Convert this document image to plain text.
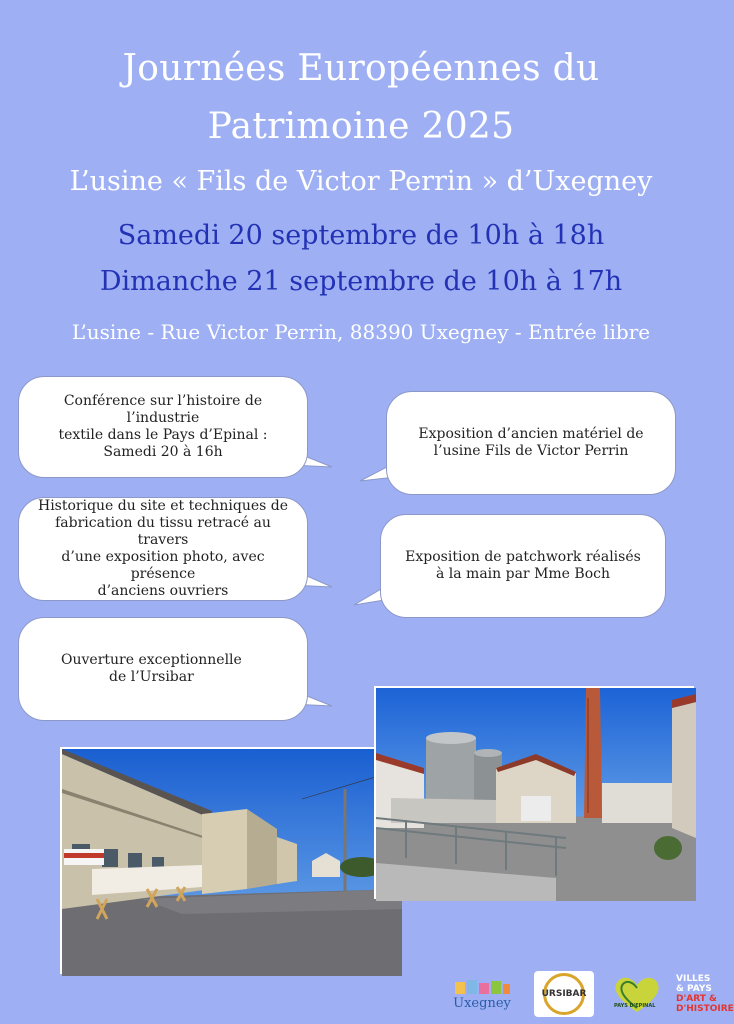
Journées Européennes du
Patrimoine 2025
L’usine « Fils de Victor Perrin » d’Uxegney
Samedi 20 septembre de 10h à 18h
Dimanche 21 septembre de 10h à 17h
L’usine - Rue Victor Perrin, 88390 Uxegney - Entrée libre
Conférence sur l’histoire de l’industrie
textile dans le Pays d’Epinal :
Samedi 20 à 16h
Exposition d’ancien matériel de
l’usine Fils de Victor Perrin
Historique du site et techniques de
fabrication du tissu retracé au travers
d’une exposition photo, avec présence
d’anciens ouvriers
Exposition de patchwork réalisés
à la main par Mme Boch
Ouverture exceptionnelle
de l’Ursibar
Uxegney
URSIBAR
PAYS D'EPINAL
VILLES
& PAYS
D'ART &
D'HISTOIRE
